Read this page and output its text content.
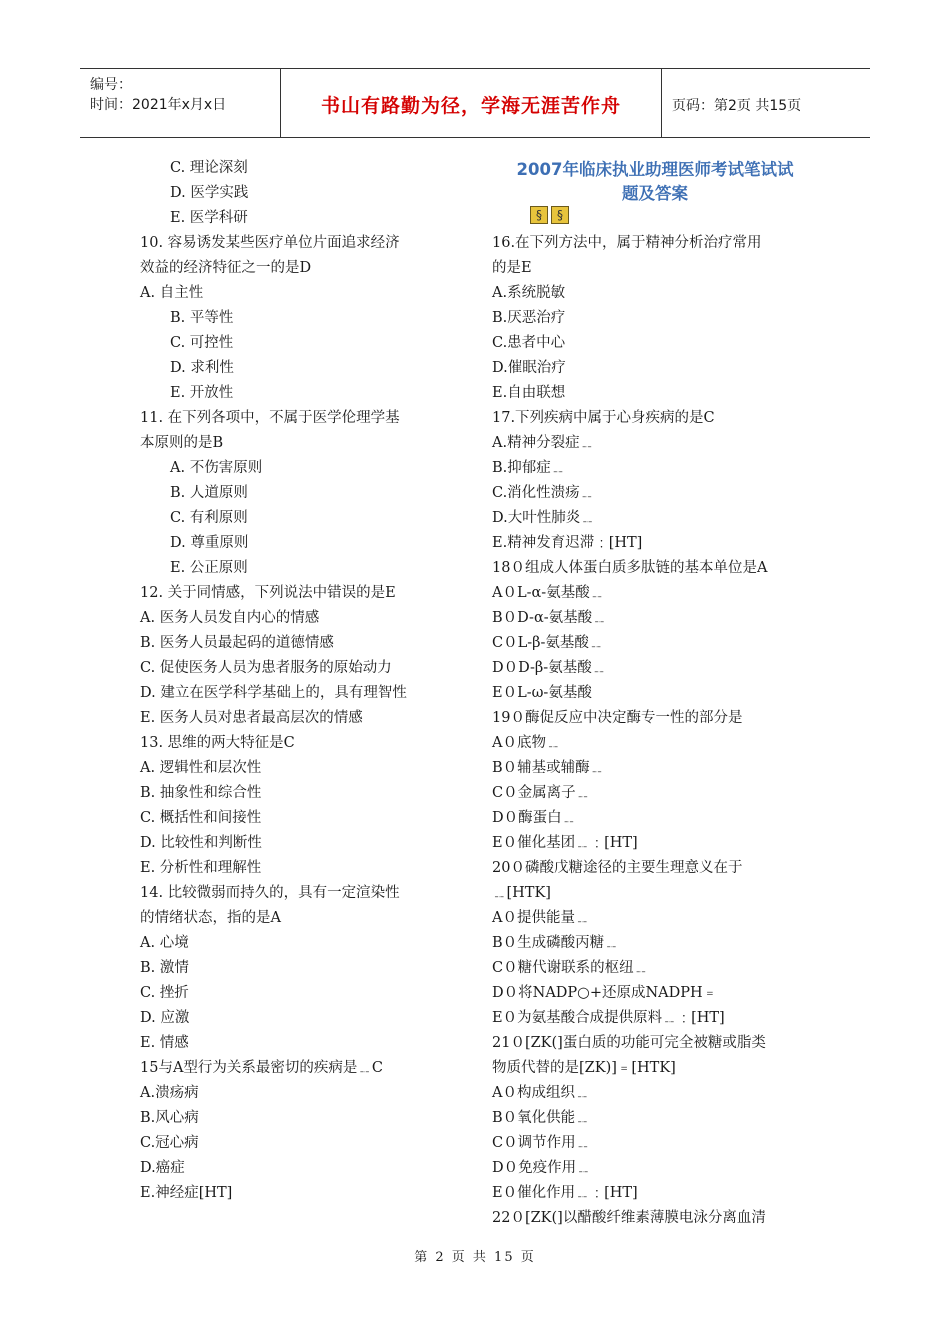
编号：
时间：2021年x月x日	书山有路勤为径，学海无涯苦作舟	页码：第2页 共15页
C. 理论深刻
D. 医学实践
E. 医学科研
10. 容易诱发某些医疗单位片面追求经济
效益的经济特征之一的是D
A. 自主性
B. 平等性
C. 可控性
D. 求利性
E. 开放性
11. 在下列各项中，不属于医学伦理学基
本原则的是B
A. 不伤害原则
B. 人道原则
C. 有利原则
D. 尊重原则
E. 公正原则
12. 关于同情感，下列说法中错误的是E
A. 医务人员发自内心的情感
B. 医务人员最起码的道德情感
C. 促使医务人员为患者服务的原始动力
D. 建立在医学科学基础上的，具有理智性
E. 医务人员对患者最高层次的情感
13. 思维的两大特征是C
A. 逻辑性和层次性
B. 抽象性和综合性
C. 概括性和间接性
D. 比较性和判断性
E. 分析性和理解性
14. 比较微弱而持久的，具有一定渲染性
的情绪状态，指的是A
A. 心境
B. 激情
C. 挫折
D. 应激
E. 情感
15与A型行为关系最密切的疾病是﹎C
A.溃疡病
B.风心病
C.冠心病
D.癌症
E.神经症[HT]
2007年临床执业助理医师考试笔试试
题及答案
§	§
16.在下列方法中，属于精神分析治疗常用
的是E
A.系统脱敏
B.厌恶治疗
C.患者中心
D.催眠治疗
E.自由联想
17.下列疾病中属于心身疾病的是C
A.精神分裂症﹎
B.抑郁症﹎
C.消化性溃疡﹎
D.大叶性肺炎﹎
E.精神发育迟滞﹕[HT]
18０组成人体蛋白质多肽链的基本单位是A
A０L-α-氨基酸﹎
B０D-α-氨基酸﹎
C０L-β-氨基酸﹎
D０D-β-氨基酸﹎
E０L-ω-氨基酸
19０酶促反应中决定酶专一性的部分是
A０底物﹎
B０辅基或辅酶﹎
C０金属离子﹎
D０酶蛋白﹎
E０催化基团﹎﹕[HT]
20０磷酸戊糖途径的主要生理意义在于
﹎[HTK]
A０提供能量﹎
B０生成磷酸丙糖﹎
C０糖代谢联系的枢纽﹎
D０将NADP○+还原成NADPH﹦
E０为氨基酸合成提供原料﹎﹕[HT]
21０[ZK(]蛋白质的功能可完全被糖或脂类
物质代替的是[ZK)]﹦[HTK]
A０构成组织﹎
B０氧化供能﹎
C０调节作用﹎
D０免疫作用﹎
E０催化作用﹎﹕[HT]
22０[ZK(]以醋酸纤维素薄膜电泳分离血清
第 2 页 共 15 页
